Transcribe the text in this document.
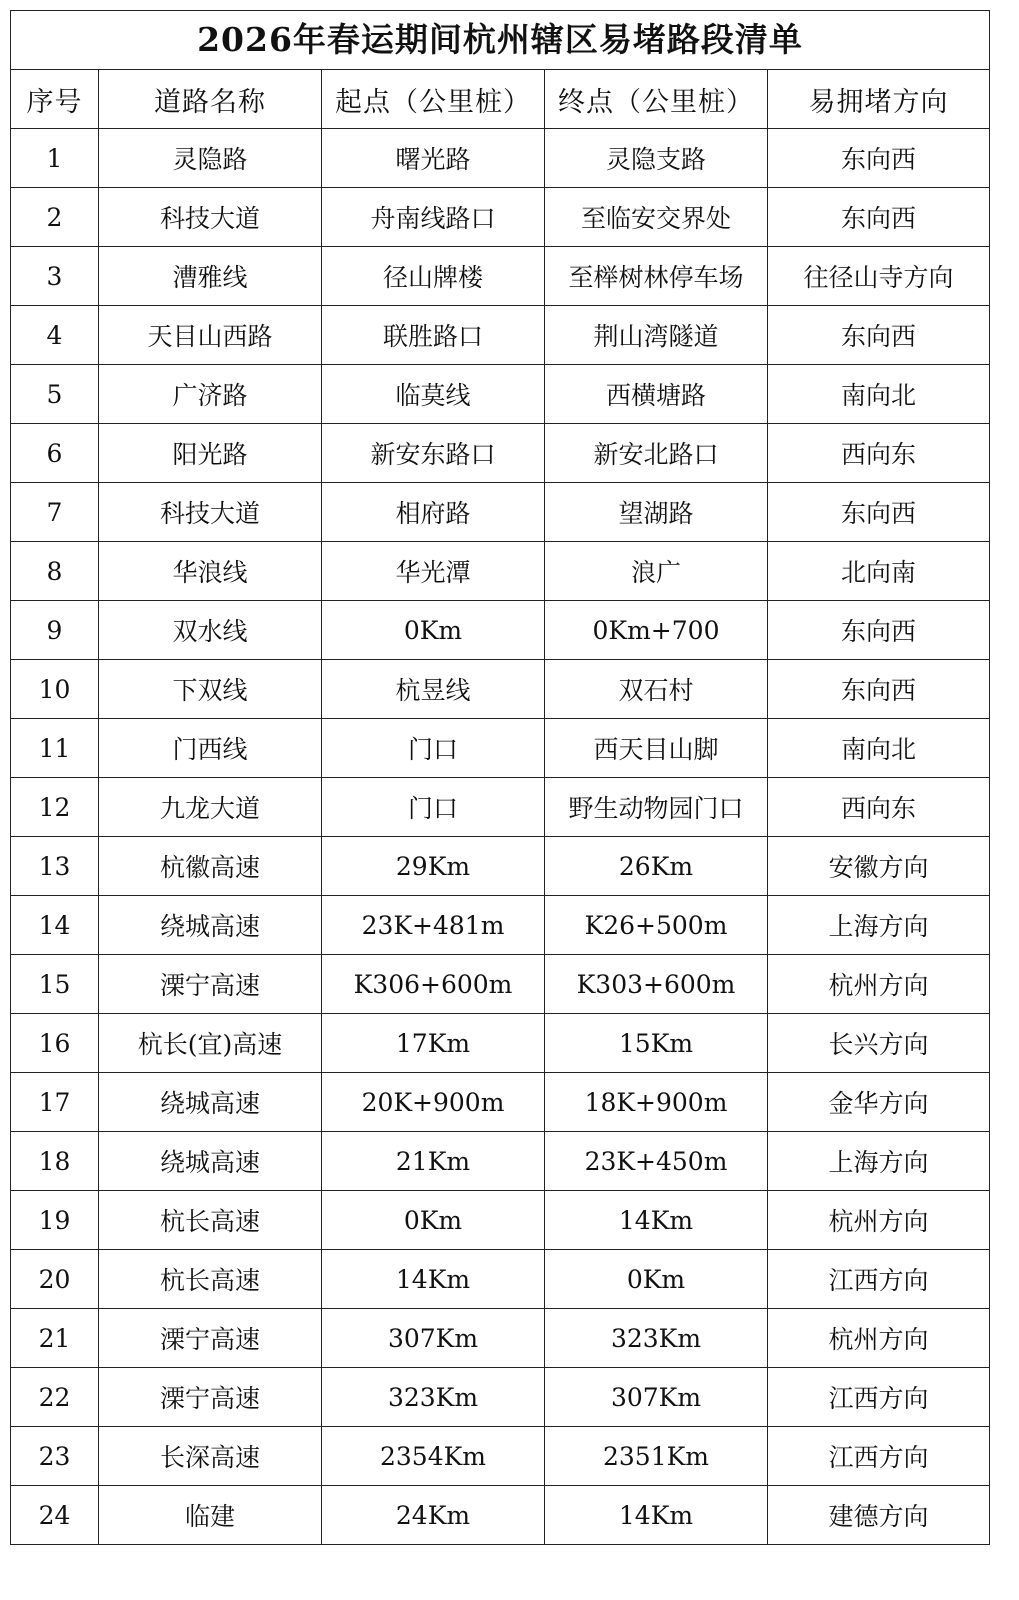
2026年春运期间杭州辖区易堵路段清单
序号	道路名称	起点（公里桩）	终点（公里桩）	易拥堵方向
1	灵隐路	曙光路	灵隐支路	东向西
2	科技大道	舟南线路口	至临安交界处	东向西
3	漕雅线	径山牌楼	至榉树林停车场	往径山寺方向
4	天目山西路	联胜路口	荆山湾隧道	东向西
5	广济路	临莫线	西横塘路	南向北
6	阳光路	新安东路口	新安北路口	西向东
7	科技大道	相府路	望湖路	东向西
8	华浪线	华光潭	浪广	北向南
9	双水线	0Km	0Km+700	东向西
10	下双线	杭昱线	双石村	东向西
11	门西线	门口	西天目山脚	南向北
12	九龙大道	门口	野生动物园门口	西向东
13	杭徽高速	29Km	26Km	安徽方向
14	绕城高速	23K+481m	K26+500m	上海方向
15	溧宁高速	K306+600m	K303+600m	杭州方向
16	杭长(宜)高速	17Km	15Km	长兴方向
17	绕城高速	20K+900m	18K+900m	金华方向
18	绕城高速	21Km	23K+450m	上海方向
19	杭长高速	0Km	14Km	杭州方向
20	杭长高速	14Km	0Km	江西方向
21	溧宁高速	307Km	323Km	杭州方向
22	溧宁高速	323Km	307Km	江西方向
23	长深高速	2354Km	2351Km	江西方向
24	临建	24Km	14Km	建德方向
